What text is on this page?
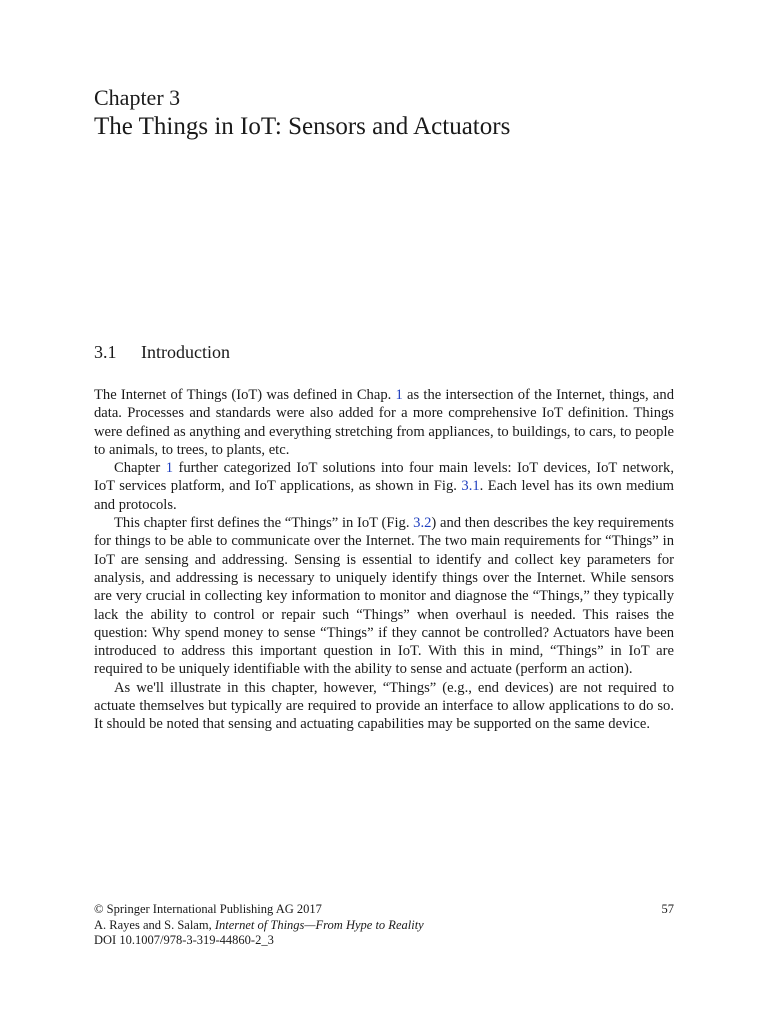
Chapter 3
The Things in IoT: Sensors and Actuators
3.1 Introduction

The Internet of Things (IoT) was defined in Chap. 1 as the intersection of the Internet, things, and data. Processes and standards were also added for a more comprehensive IoT definition. Things were defined as anything and everything stretching from appliances, to buildings, to cars, to people to animals, to trees, to plants, etc.

Chapter 1 further categorized IoT solutions into four main levels: IoT devices, IoT network, IoT services platform, and IoT applications, as shown in Fig. 3.1. Each level has its own medium and protocols.

This chapter first defines the “Things” in IoT (Fig. 3.2) and then describes the key requirements for things to be able to communicate over the Internet. The two main requirements for “Things” in IoT are sensing and addressing. Sensing is essential to identify and collect key parameters for analysis, and addressing is necessary to uniquely identify things over the Internet. While sensors are very crucial in collecting key information to monitor and diagnose the “Things,” they typically lack the ability to control or repair such “Things” when overhaul is needed. This raises the question: Why spend money to sense “Things” if they cannot be controlled? Actuators have been introduced to address this important question in IoT. With this in mind, “Things” in IoT are required to be uniquely identifiable with the ability to sense and actuate (perform an action).

As we'll illustrate in this chapter, however, “Things” (e.g., end devices) are not required to actuate themselves but typically are required to provide an interface to allow applications to do so. It should be noted that sensing and actuating capabilities may be supported on the same device.

© Springer International Publishing AG 2017
A. Rayes and S. Salam, Internet of Things—From Hype to Reality
DOI 10.1007/978-3-319-44860-2_3
57
